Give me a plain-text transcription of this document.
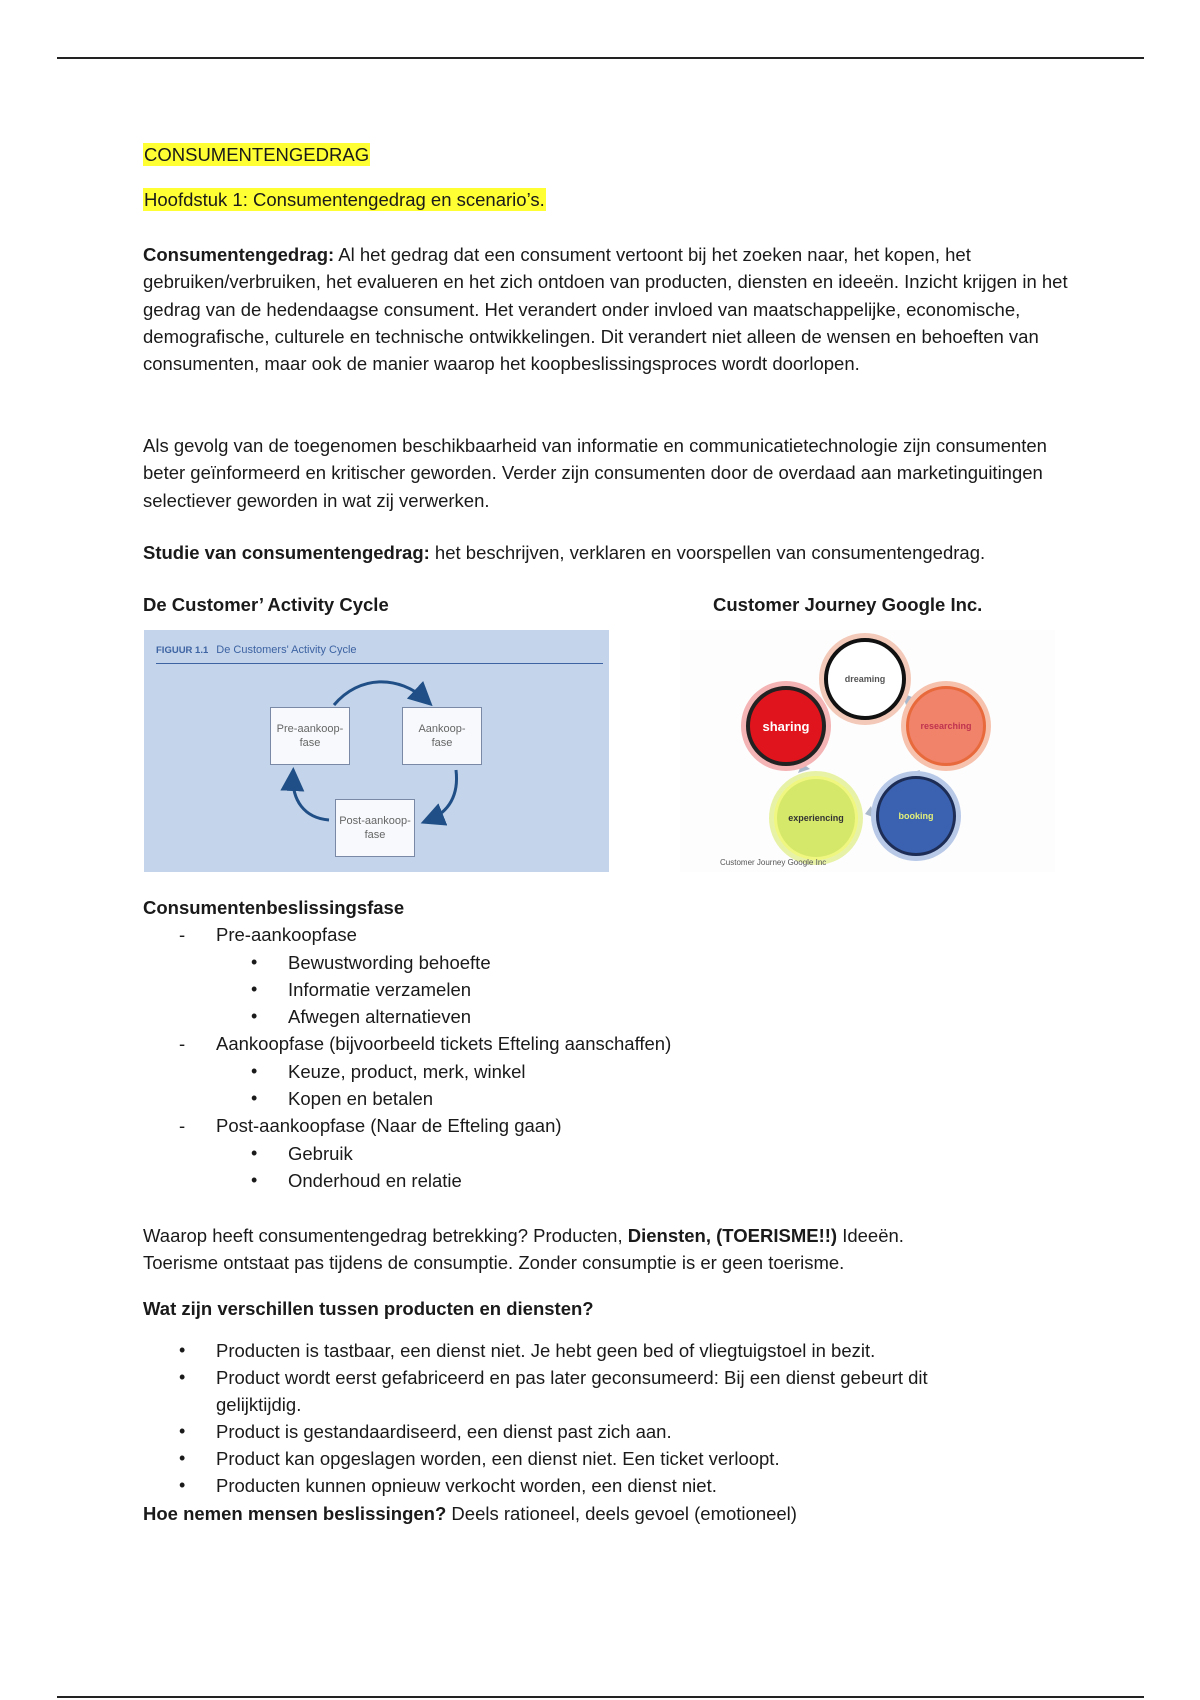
CONSUMENTENGEDRAG
Hoofdstuk 1: Consumentengedrag en scenario’s.
Consumentengedrag: Al het gedrag dat een consument vertoont bij het zoeken naar, het kopen, het gebruiken/verbruiken, het evalueren en het zich ontdoen van producten, diensten en ideeën. Inzicht krijgen in het gedrag van de hedendaagse consument. Het verandert onder invloed van maatschappelijke, economische, demografische, culturele en technische ontwikkelingen. Dit verandert niet alleen de wensen en behoeften van consumenten, maar ook de manier waarop het koopbeslissingsproces wordt doorlopen.
Als gevolg van de toegenomen beschikbaarheid van informatie en communicatietechnologie zijn consumenten beter geïnformeerd en kritischer geworden. Verder zijn consumenten door de overdaad aan marketinguitingen selectiever geworden in wat zij verwerken.
Studie van consumentengedrag: het beschrijven, verklaren en voorspellen van consumentengedrag.
De Customer’ Activity Cycle	Customer Journey Google Inc.
FIGUUR 1.1 De Customers' Activity Cycle
Pre-aankoop-
fase
Aankoop-
fase
Post-aankoop-
fase
dreaming
researching
booking
experiencing
sharing
Customer Journey Google Inc
Consumentenbeslissingsfase
- Pre-aankoopfase
• Bewustwording behoefte
• Informatie verzamelen
• Afwegen alternatieven
- Aankoopfase (bijvoorbeeld tickets Efteling aanschaffen)
• Keuze, product, merk, winkel
• Kopen en betalen
- Post-aankoopfase (Naar de Efteling gaan)
• Gebruik
• Onderhoud en relatie
Waarop heeft consumentengedrag betrekking? Producten, Diensten, (TOERISME!!) Ideeën.
Toerisme ontstaat pas tijdens de consumptie. Zonder consumptie is er geen toerisme.
Wat zijn verschillen tussen producten en diensten?
• Producten is tastbaar, een dienst niet. Je hebt geen bed of vliegtuigstoel in bezit.
• Product wordt eerst gefabriceerd en pas later geconsumeerd: Bij een dienst gebeurt dit gelijktijdig.
• Product is gestandaardiseerd, een dienst past zich aan.
• Product kan opgeslagen worden, een dienst niet. Een ticket verloopt.
• Producten kunnen opnieuw verkocht worden, een dienst niet.
Hoe nemen mensen beslissingen? Deels rationeel, deels gevoel (emotioneel)
